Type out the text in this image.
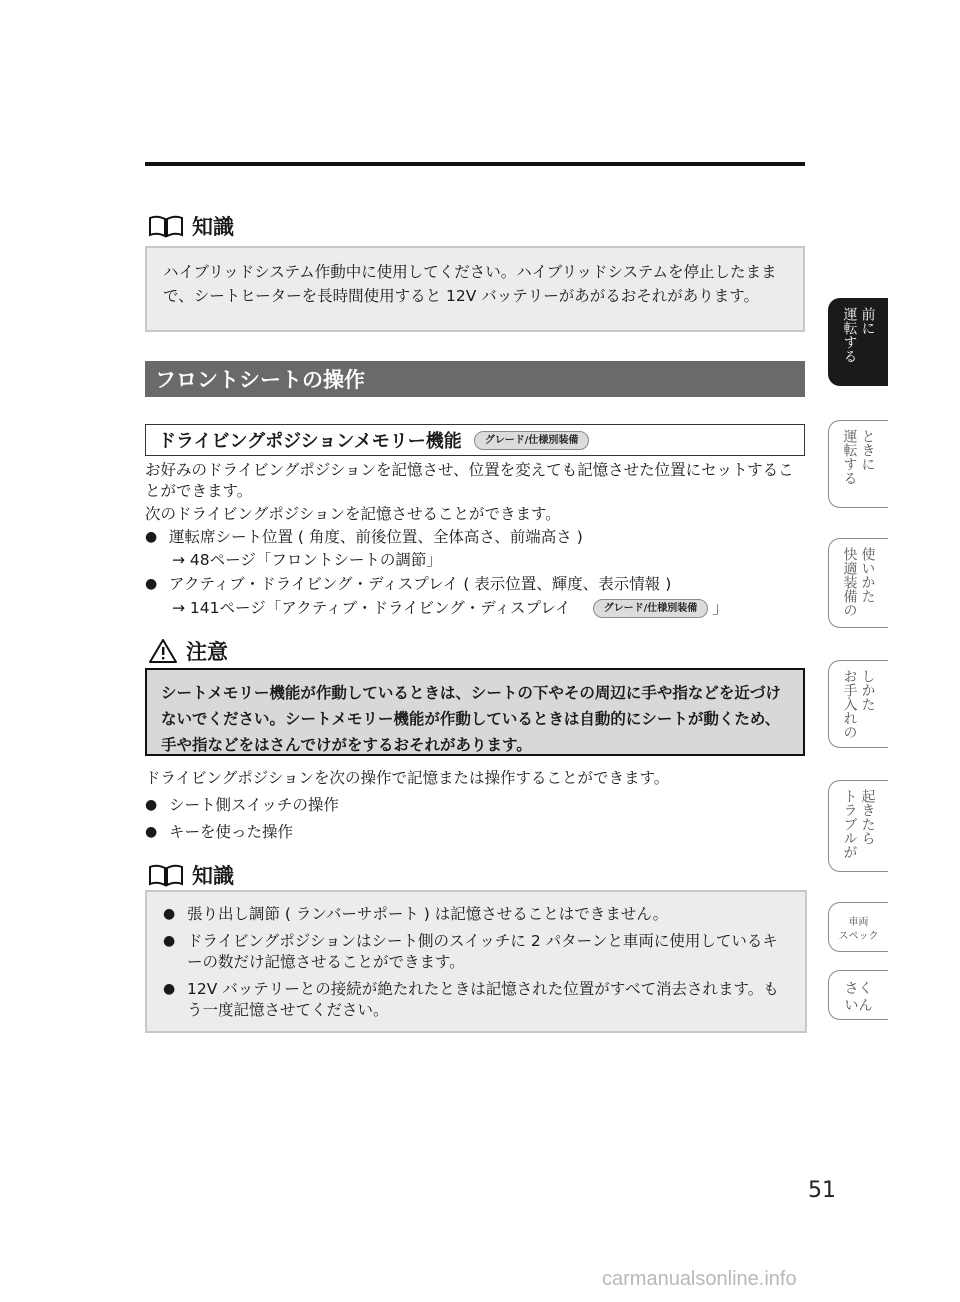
知識
ハイブリッドシステム作動中に使用してください。ハイブリッドシステムを停止したままで、シートヒーターを長時間使用すると 12V バッテリーがあがるおそれがあります。
フロントシートの操作
ドライビングポジションメモリー機能	グレード/仕様別装備
お好みのドライビングポジションを記憶させ、位置を変えても記憶させた位置にセットすることができます。
次のドライビングポジションを記憶させることができます。
● 運転席シート位置 ( 角度、前後位置、全体高さ、前端高さ )
→ 48ページ「フロントシートの調節」
● アクティブ・ドライビング・ディスプレイ ( 表示位置、輝度、表示情報 )
→ 141ページ「アクティブ・ドライビング・ディスプレイ	グレード/仕様別装備 」
注意
シートメモリー機能が作動しているときは、シートの下やその周辺に手や指などを近づけないでください。シートメモリー機能が作動しているときは自動的にシートが動くため、手や指などをはさんでけがをするおそれがあります。
ドライビングポジションを次の操作で記憶または操作することができます。
● シート側スイッチの操作
● キーを使った操作
知識
● 張り出し調節 ( ランバーサポート ) は記憶させることはできません。
● ドライビングポジションはシート側のスイッチに 2 パターンと車両に使用しているキーの数だけ記憶させることができます。
● 12V バッテリーとの接続が絶たれたときは記憶された位置がすべて消去されます。もう一度記憶させてください。
運転する 前に
運転する ときに
快適装備の 使いかた
お手入れの しかた
トラブルが 起きたら
車両
スペック
さく
いん
51
carmanualsonline.info
